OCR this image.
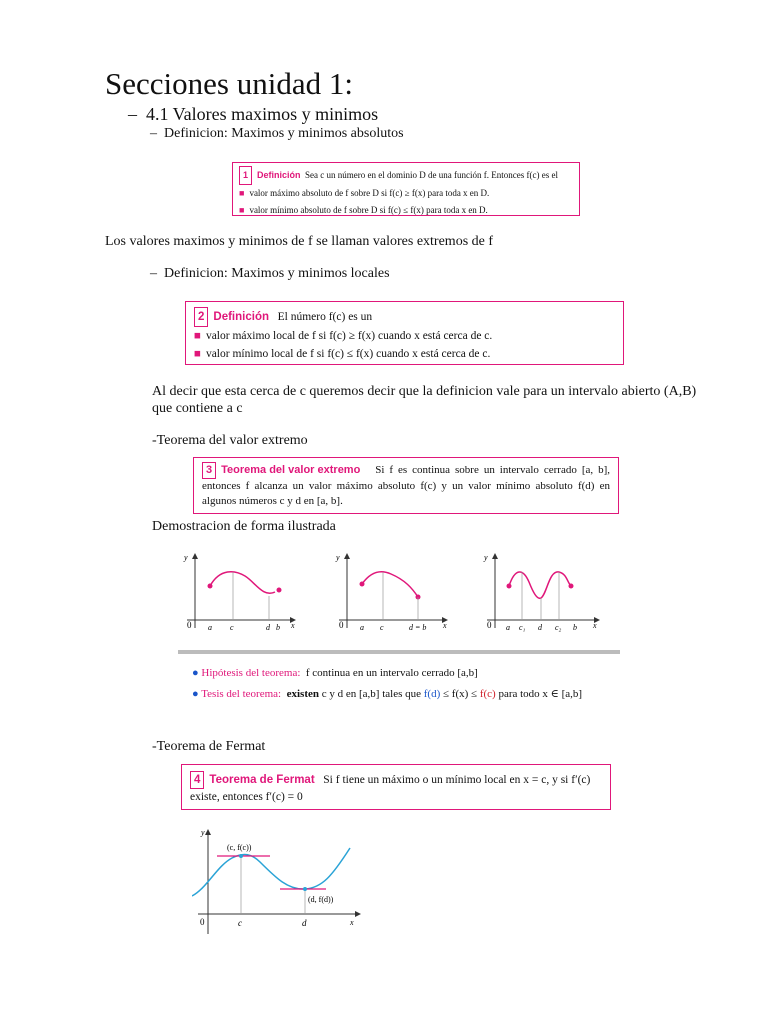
Secciones unidad 1:
– 4.1 Valores maximos y minimos
– Definicion: Maximos y minimos absolutos
1 Definición Sea c un número en el dominio D de una función f. Entonces f(c) es el
■ valor máximo absoluto de f sobre D si f(c) ≥ f(x) para toda x en D.
■ valor mínimo absoluto de f sobre D si f(c) ≤ f(x) para toda x en D.
Los valores maximos y minimos de f se llaman valores extremos de f
– Definicion: Maximos y minimos locales
2 Definición El número f(c) es un
■ valor máximo local de f si f(c) ≥ f(x) cuando x está cerca de c.
■ valor mínimo local de f si f(c) ≤ f(x) cuando x está cerca de c.
Al decir que esta cerca de c queremos decir que la definicion vale para un intervalo abierto (A,B) que contiene a c
-Teorema del valor extremo
3 Teorema del valor extremo Si f es continua sobre un intervalo cerrado [a, b], entonces f alcanza un valor máximo absoluto f(c) y un valor mínimo absoluto f(d) en algunos números c y d en [a, b].
Demostracion de forma ilustrada
y
0	x
a c	d b
y
0	x
a c	d = b
y
0	x
a c₁ d c₂ b
● Hipótesis del teorema: f continua en un intervalo cerrado [a,b]
● Tesis del teorema: existen c y d en [a,b] tales que f(d) ≤ f(x) ≤ f(c) para todo x ∈ [a,b]
-Teorema de Fermat
4 Teorema de Fermat Si f tiene un máximo o un mínimo local en x = c, y si f′(c) existe, entonces f′(c) = 0
y
0	x
c	d
(c, f(c))
(d, f(d))
